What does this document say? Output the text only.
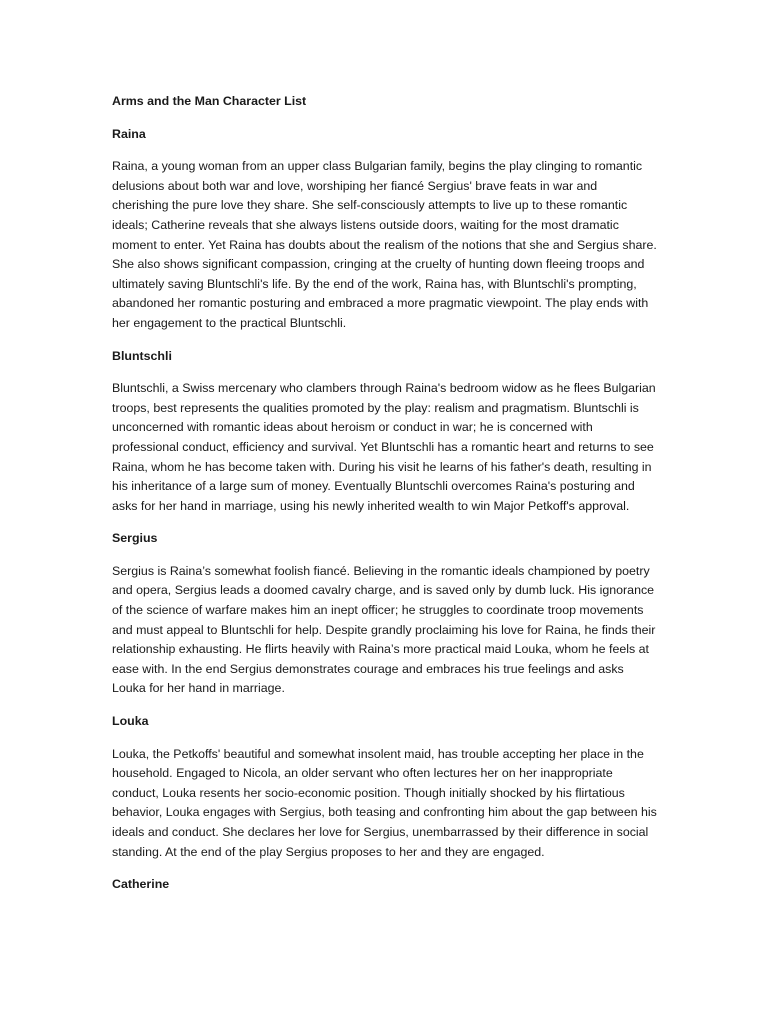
Arms and the Man Character List
Raina

Raina, a young woman from an upper class Bulgarian family, begins the play clinging to romantic delusions about both war and love, worshiping her fiancé Sergius' brave feats in war and cherishing the pure love they share. She self-consciously attempts to live up to these romantic ideals; Catherine reveals that she always listens outside doors, waiting for the most dramatic moment to enter. Yet Raina has doubts about the realism of the notions that she and Sergius share. She also shows significant compassion, cringing at the cruelty of hunting down fleeing troops and ultimately saving Bluntschli's life. By the end of the work, Raina has, with Bluntschli's prompting, abandoned her romantic posturing and embraced a more pragmatic viewpoint. The play ends with her engagement to the practical Bluntschli.

Bluntschli

Bluntschli, a Swiss mercenary who clambers through Raina's bedroom widow as he flees Bulgarian troops, best represents the qualities promoted by the play: realism and pragmatism. Bluntschli is unconcerned with romantic ideas about heroism or conduct in war; he is concerned with professional conduct, efficiency and survival. Yet Bluntschli has a romantic heart and returns to see Raina, whom he has become taken with. During his visit he learns of his father's death, resulting in his inheritance of a large sum of money. Eventually Bluntschli overcomes Raina's posturing and asks for her hand in marriage, using his newly inherited wealth to win Major Petkoff's approval.

Sergius

Sergius is Raina’s somewhat foolish fiancé. Believing in the romantic ideals championed by poetry and opera, Sergius leads a doomed cavalry charge, and is saved only by dumb luck. His ignorance of the science of warfare makes him an inept officer; he struggles to coordinate troop movements and must appeal to Bluntschli for help. Despite grandly proclaiming his love for Raina, he finds their relationship exhausting. He flirts heavily with Raina’s more practical maid Louka, whom he feels at ease with. In the end Sergius demonstrates courage and embraces his true feelings and asks Louka for her hand in marriage.

Louka

Louka, the Petkoffs' beautiful and somewhat insolent maid, has trouble accepting her place in the household. Engaged to Nicola, an older servant who often lectures her on her inappropriate conduct, Louka resents her socio-economic position. Though initially shocked by his flirtatious behavior, Louka engages with Sergius, both teasing and confronting him about the gap between his ideals and conduct. She declares her love for Sergius, unembarrassed by their difference in social standing. At the end of the play Sergius proposes to her and they are engaged.

Catherine
